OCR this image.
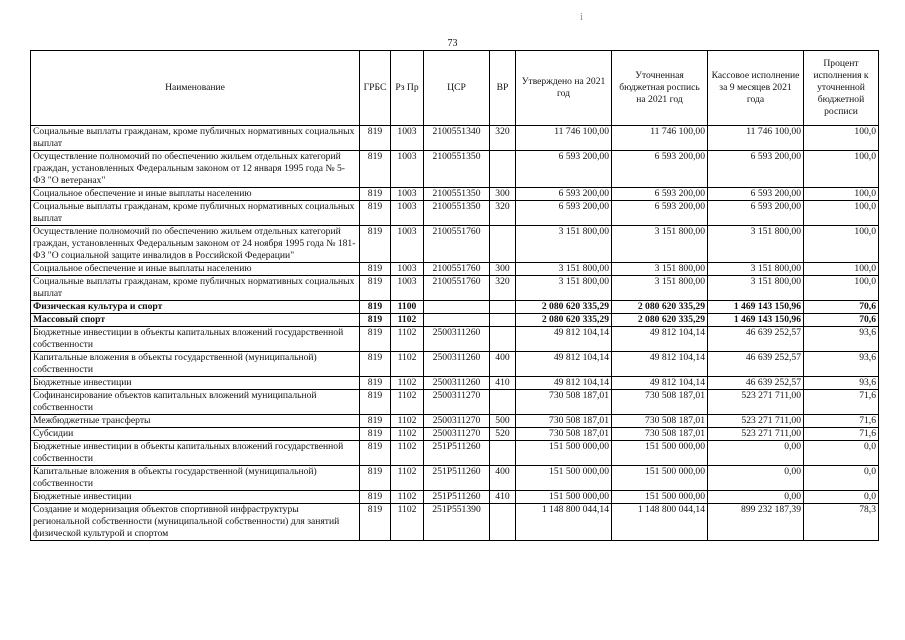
i
73
Наименование	ГРБС	Рз Пр	ЦСР	ВР	Утверждено на 2021 год	Уточненная бюджетная роспись на 2021 год	Кассовое исполнение за 9 месяцев 2021 года	Процент исполнения к уточненной бюджетной росписи
Социальные выплаты гражданам, кроме публичных нормативных социальных выплат	819	1003	2100551340	320	11 746 100,00	11 746 100,00	11 746 100,00	100,0
Осуществление полномочий по обеспечению жильем отдельных категорий граждан, установленных Федеральным законом от 12 января 1995 года № 5-ФЗ "О ветеранах"	819	1003	2100551350		6 593 200,00	6 593 200,00	6 593 200,00	100,0
Социальное обеспечение и иные выплаты населению	819	1003	2100551350	300	6 593 200,00	6 593 200,00	6 593 200,00	100,0
Социальные выплаты гражданам, кроме публичных нормативных социальных выплат	819	1003	2100551350	320	6 593 200,00	6 593 200,00	6 593 200,00	100,0
Осуществление полномочий по обеспечению жильем отдельных категорий граждан, установленных Федеральным законом от 24 ноября 1995 года № 181-ФЗ "О социальной защите инвалидов в Российской Федерации"	819	1003	2100551760		3 151 800,00	3 151 800,00	3 151 800,00	100,0
Социальное обеспечение и иные выплаты населению	819	1003	2100551760	300	3 151 800,00	3 151 800,00	3 151 800,00	100,0
Социальные выплаты гражданам, кроме публичных нормативных социальных выплат	819	1003	2100551760	320	3 151 800,00	3 151 800,00	3 151 800,00	100,0
Физическая культура и спорт	819	1100			2 080 620 335,29	2 080 620 335,29	1 469 143 150,96	70,6
Массовый спорт	819	1102			2 080 620 335,29	2 080 620 335,29	1 469 143 150,96	70,6
Бюджетные инвестиции в объекты капитальных вложений государственной собственности	819	1102	2500311260		49 812 104,14	49 812 104,14	46 639 252,57	93,6
Капитальные вложения в объекты государственной (муниципальной) собственности	819	1102	2500311260	400	49 812 104,14	49 812 104,14	46 639 252,57	93,6
Бюджетные инвестиции	819	1102	2500311260	410	49 812 104,14	49 812 104,14	46 639 252,57	93,6
Софинансирование объектов капитальных вложений муниципальной собственности	819	1102	2500311270		730 508 187,01	730 508 187,01	523 271 711,00	71,6
Межбюджетные трансферты	819	1102	2500311270	500	730 508 187,01	730 508 187,01	523 271 711,00	71,6
Субсидии	819	1102	2500311270	520	730 508 187,01	730 508 187,01	523 271 711,00	71,6
Бюджетные инвестиции в объекты капитальных вложений государственной собственности	819	1102	251P511260		151 500 000,00	151 500 000,00	0,00	0,0
Капитальные вложения в объекты государственной (муниципальной) собственности	819	1102	251P511260	400	151 500 000,00	151 500 000,00	0,00	0,0
Бюджетные инвестиции	819	1102	251P511260	410	151 500 000,00	151 500 000,00	0,00	0,0
Создание и модернизация объектов спортивной инфраструктуры региональной собственности (муниципальной собственности) для занятий физической культурой и спортом	819	1102	251P551390		1 148 800 044,14	1 148 800 044,14	899 232 187,39	78,3
